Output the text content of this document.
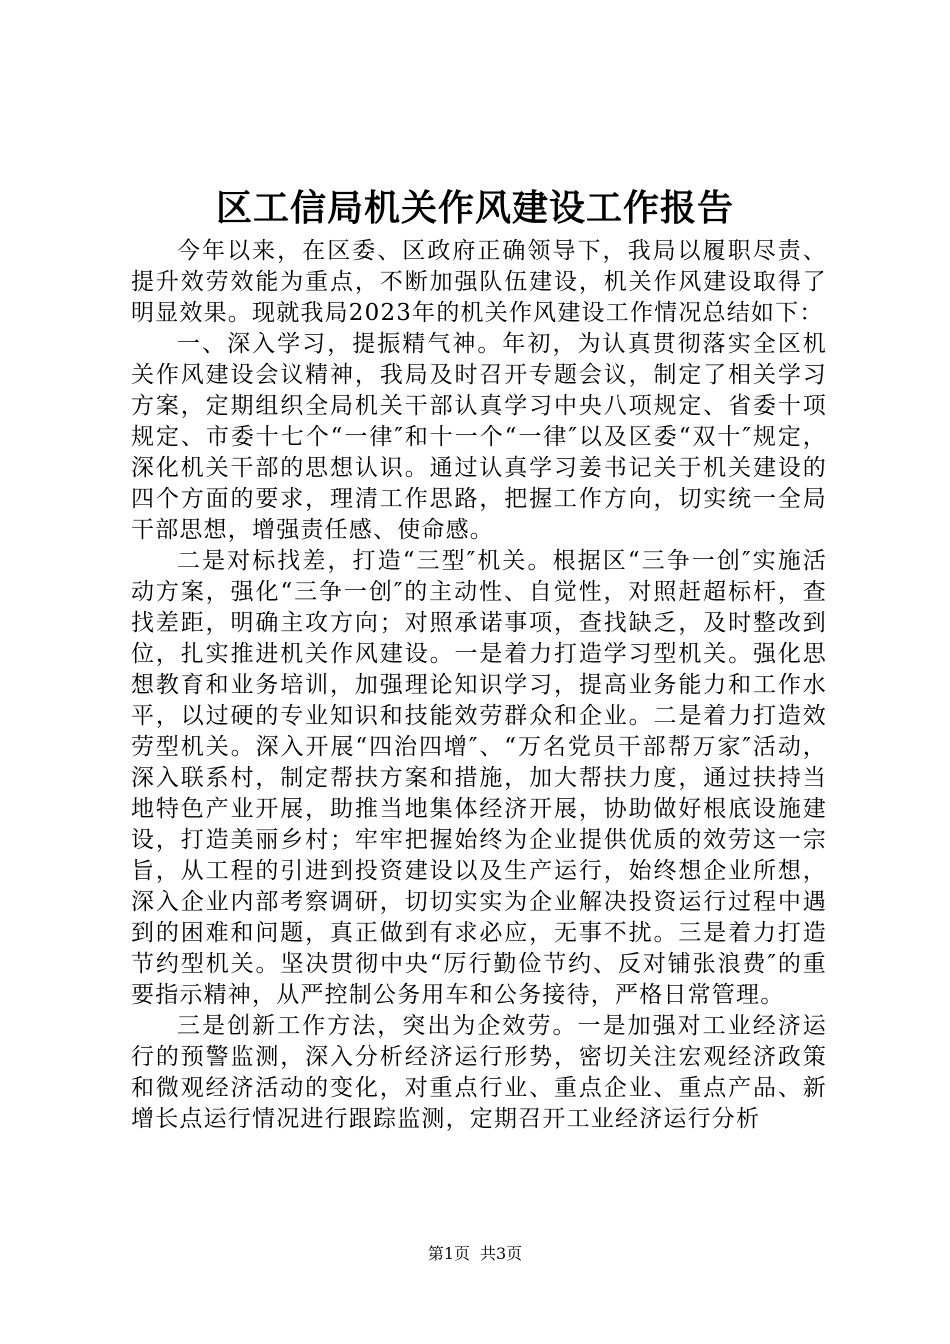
区工信局机关作风建设工作报告

今年以来，在区委、区政府正确领导下，我局以履职尽责、提升效劳效能为重点，不断加强队伍建设，机关作风建设取得了明显效果。现就我局2023年的机关作风建设工作情况总结如下：

一、深入学习，提振精气神。年初，为认真贯彻落实全区机关作风建设会议精神，我局及时召开专题会议，制定了相关学习方案，定期组织全局机关干部认真学习中央八项规定、省委十项规定、市委十七个“一律″和十一个“一律″以及区委“双十″规定，深化机关干部的思想认识。通过认真学习姜书记关于机关建设的四个方面的要求，理清工作思路，把握工作方向，切实统一全局干部思想，增强责任感、使命感。

二是对标找差，打造“三型″机关。根据区“三争一创″实施活动方案，强化“三争一创″的主动性、自觉性，对照赶超标杆，查找差距，明确主攻方向；对照承诺事项，查找缺乏，及时整改到位，扎实推进机关作风建设。一是着力打造学习型机关。强化思想教育和业务培训，加强理论知识学习，提高业务能力和工作水平，以过硬的专业知识和技能效劳群众和企业。二是着力打造效劳型机关。深入开展“四治四增″、“万名党员干部帮万家″活动，深入联系村，制定帮扶方案和措施，加大帮扶力度，通过扶持当地特色产业开展，助推当地集体经济开展，协助做好根底设施建设，打造美丽乡村；牢牢把握始终为企业提供优质的效劳这一宗旨，从工程的引进到投资建设以及生产运行，始终想企业所想，深入企业内部考察调研，切切实实为企业解决投资运行过程中遇到的困难和问题，真正做到有求必应，无事不扰。三是着力打造节约型机关。坚决贯彻中央“厉行勤俭节约、反对铺张浪费″的重要指示精神，从严控制公务用车和公务接待，严格日常管理。

三是创新工作方法，突出为企效劳。一是加强对工业经济运行的预警监测，深入分析经济运行形势，密切关注宏观经济政策和微观经济活动的变化，对重点行业、重点企业、重点产品、新增长点运行情况进行跟踪监测，定期召开工业经济运行分析

第1页 共3页
